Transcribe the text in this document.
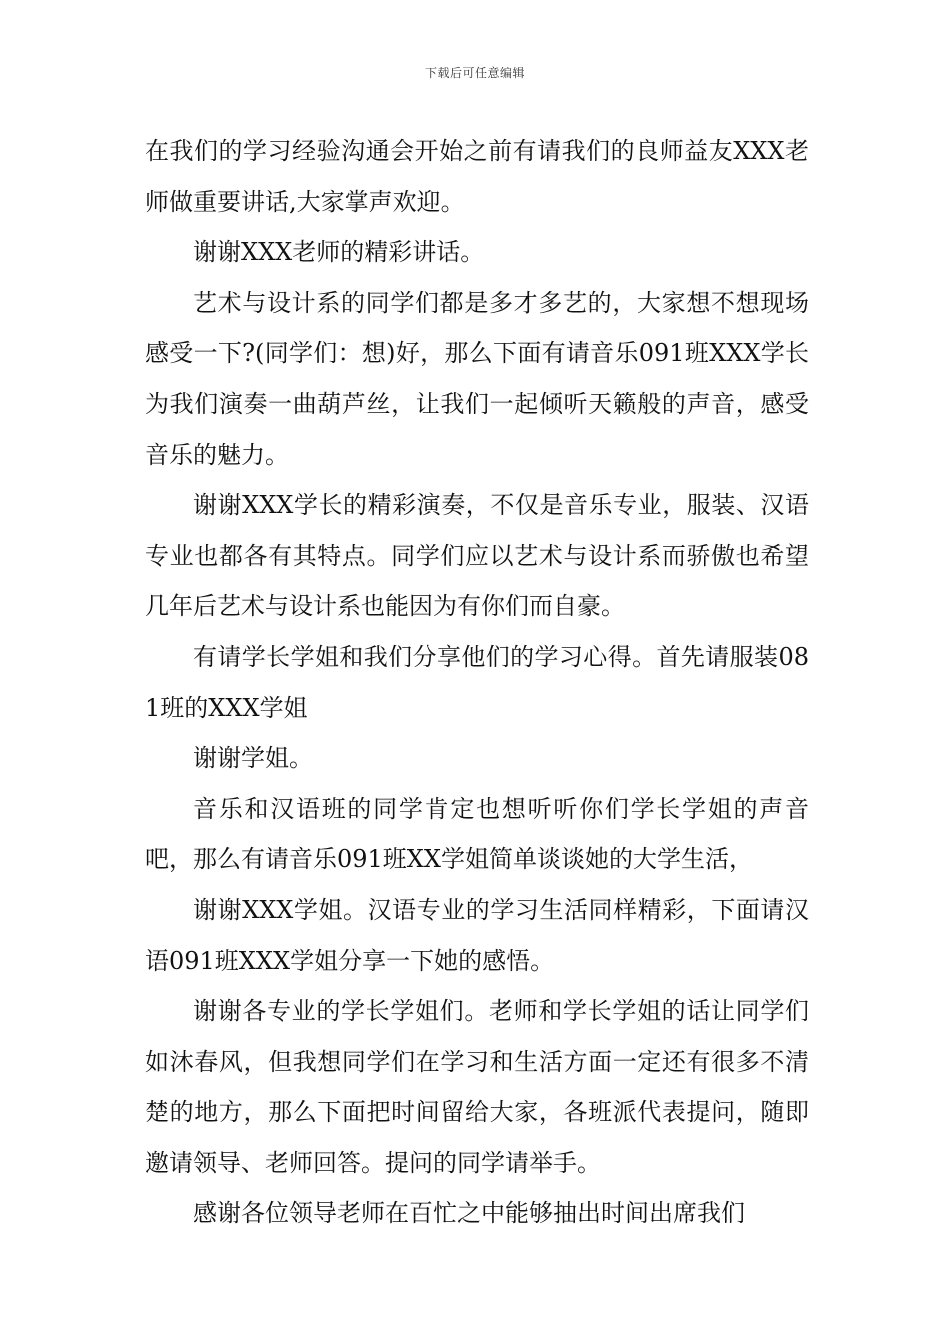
下载后可任意编辑

在我们的学习经验沟通会开始之前有请我们的良师益友XXX老师做重要讲话,大家掌声欢迎。

谢谢XXX老师的精彩讲话。

艺术与设计系的同学们都是多才多艺的，大家想不想现场感受一下?(同学们：想)好，那么下面有请音乐091班XXX学长为我们演奏一曲葫芦丝，让我们一起倾听天籁般的声音，感受音乐的魅力。

谢谢XXX学长的精彩演奏，不仅是音乐专业，服装、汉语专业也都各有其特点。同学们应以艺术与设计系而骄傲也希望几年后艺术与设计系也能因为有你们而自豪。

有请学长学姐和我们分享他们的学习心得。首先请服装081班的XXX学姐

谢谢学姐。

音乐和汉语班的同学肯定也想听听你们学长学姐的声音吧，那么有请音乐091班XX学姐简单谈谈她的大学生活，

谢谢XXX学姐。汉语专业的学习生活同样精彩，下面请汉语091班XXX学姐分享一下她的感悟。

谢谢各专业的学长学姐们。老师和学长学姐的话让同学们如沐春风，但我想同学们在学习和生活方面一定还有很多不清楚的地方，那么下面把时间留给大家，各班派代表提问，随即邀请领导、老师回答。提问的同学请举手。

感谢各位领导老师在百忙之中能够抽出时间出席我们
